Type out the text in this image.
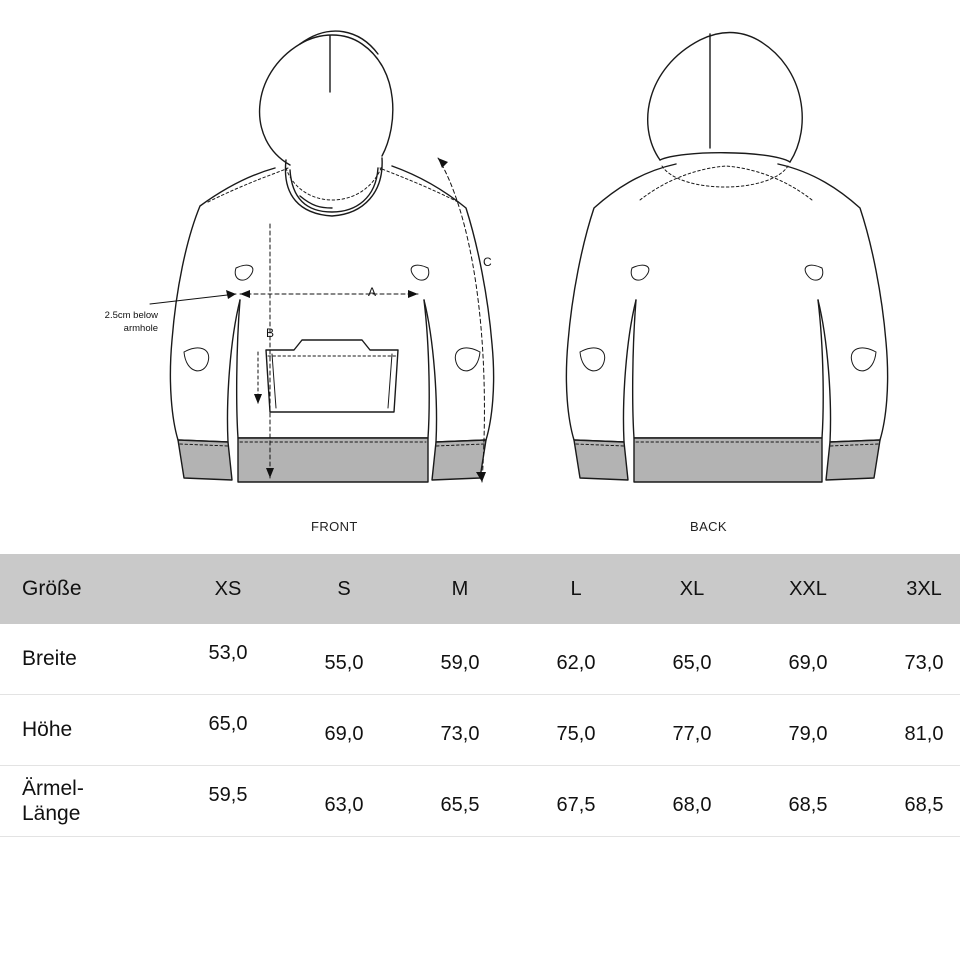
2.5cm below
armhole
A
B
C
FRONT	BACK
Größe	XS	S	M	L	XL	XXL	3XL
Breite	53,0	55,0	59,0	62,0	65,0	69,0	73,0
Höhe	65,0	69,0	73,0	75,0	77,0	79,0	81,0
Ärmel-
Länge	59,5	63,0	65,5	67,5	68,0	68,5	68,5
